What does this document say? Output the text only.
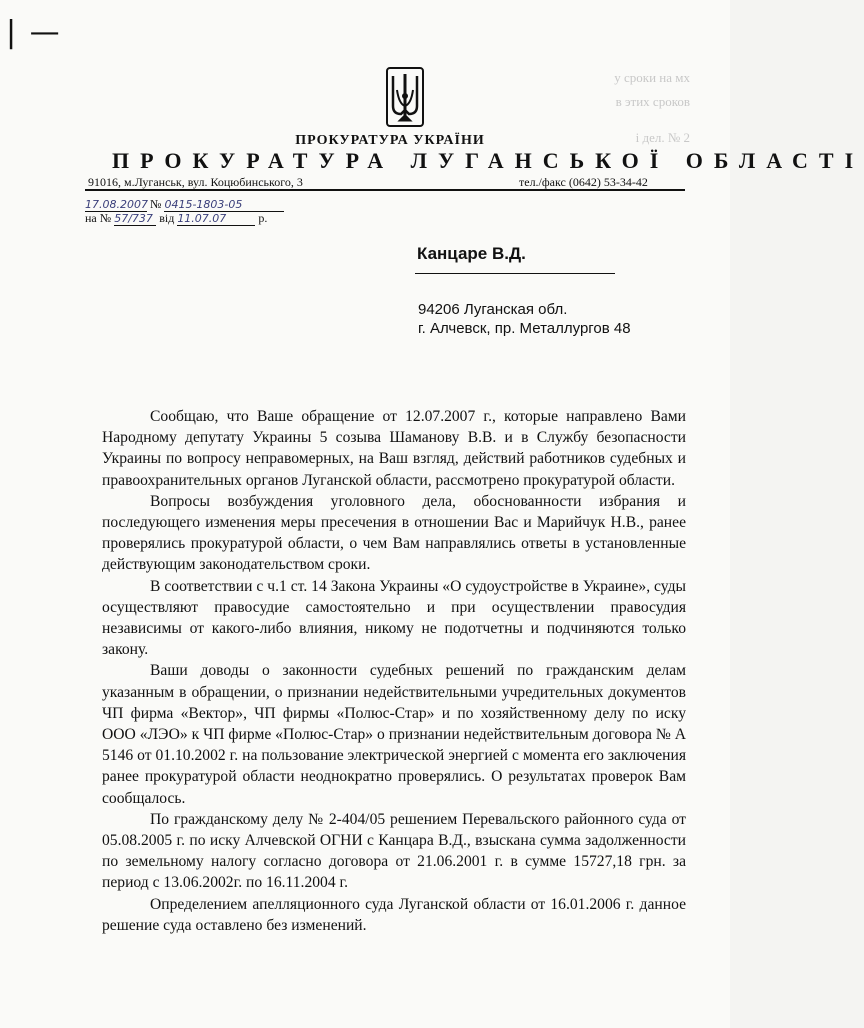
| —
у сроки на мх
в этих сроков
і дел. № 2
ПРОКУРАТУРА УКРАЇНИ
ПРОКУРАТУРА ЛУГАНСЬКОЇ ОБЛАСТІ
91016, м.Луганськ, вул. Коцюбинського, 3	тел./факс (0642) 53-34-42
17.08.2007 № 0415-1803-05
на № 57/737 від 11.07.07	р.
Канцаре В.Д.
94206 Луганская обл.
г. Алчевск, пр. Металлургов 48

Сообщаю, что Ваше обращение от 12.07.2007 г., которые направлено Вами Народному депутату Украины 5 созыва Шаманову В.В. и в Службу безопасности Украины по вопросу неправомерных, на Ваш взгляд, действий работников судебных и правоохранительных органов Луганской области, рассмотрено прокуратурой области.

Вопросы возбуждения уголовного дела, обоснованности избрания и последующего изменения меры пресечения в отношении Вас и Марийчук Н.В., ранее проверялись прокуратурой области, о чем Вам направлялись ответы в установленные действующим законодательством сроки.

В соответствии с ч.1 ст. 14 Закона Украины «О судоустройстве в Украине», суды осуществляют правосудие самостоятельно и при осуществлении правосудия независимы от какого-либо влияния, никому не подотчетны и подчиняются только закону.

Ваши доводы о законности судебных решений по гражданским делам указанным в обращении, о признании недействительными учредительных документов ЧП фирма «Вектор», ЧП фирмы «Полюс-Стар» и по хозяйственному делу по иску ООО «ЛЭО» к ЧП фирме «Полюс-Стар» о признании недействительным договора № А 5146 от 01.10.2002 г. на пользование электрической энергией с момента его заключения ранее прокуратурой области неоднократно проверялись. О результатах проверок Вам сообщалось.

По гражданскому делу № 2-404/05 решением Перевальского районного суда от 05.08.2005 г. по иску Алчевской ОГНИ с Канцара В.Д., взыскана сумма задолженности по земельному налогу согласно договора от 21.06.2001 г. в сумме 15727,18 грн. за период с 13.06.2002г. по 16.11.2004 г.

Определением апелляционного суда Луганской области от 16.01.2006 г. данное решение суда оставлено без изменений.
